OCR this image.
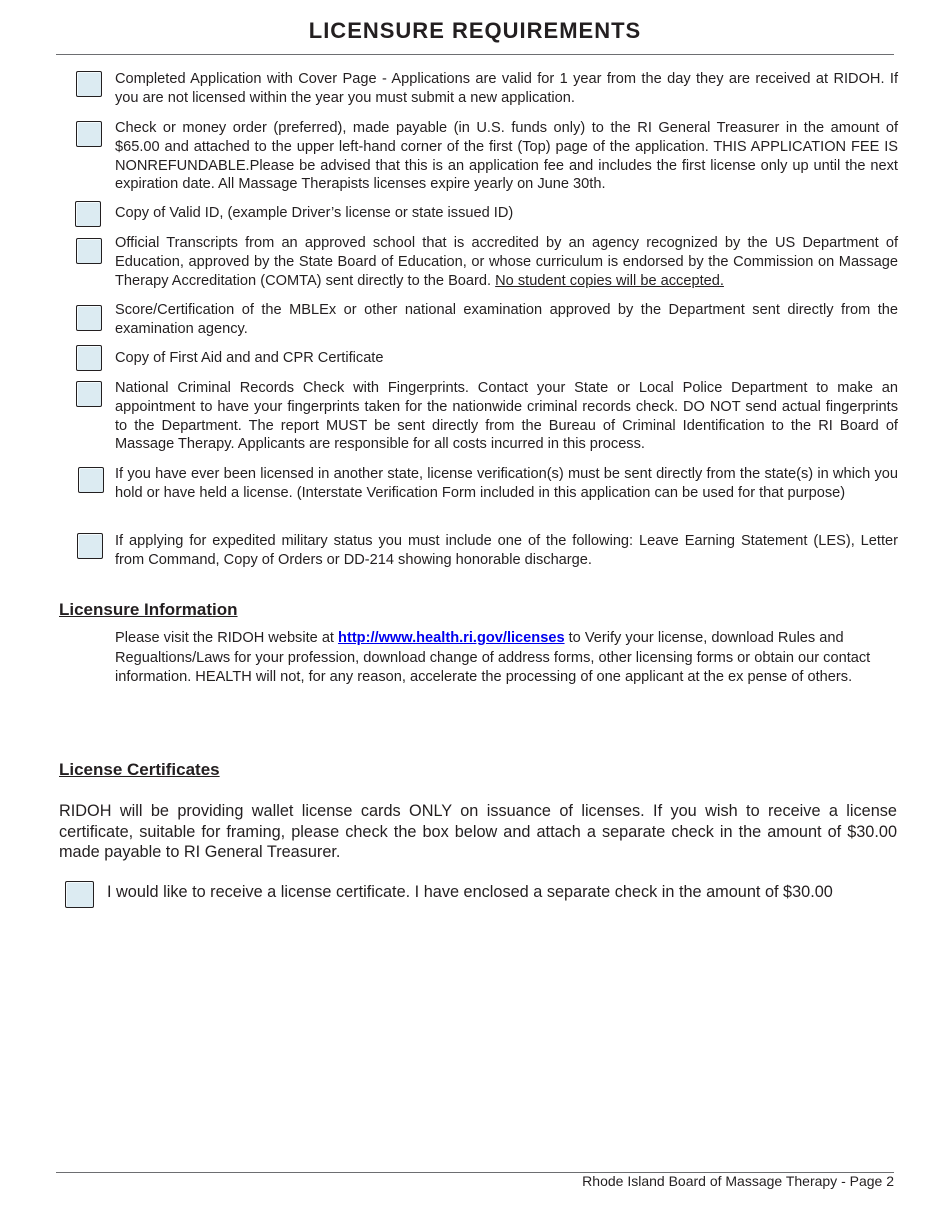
LICENSURE REQUIREMENTS
Completed Application with Cover Page - Applications are valid for 1 year from the day they are received at RIDOH. If you are not licensed within the year you must submit a new application.
Check or money order (preferred), made payable (in U.S. funds only) to the RI General Treasurer in the amount of $65.00 and attached to the upper left-hand corner of the first (Top) page of the application. THIS APPLICATION FEE IS NONREFUNDABLE.Please be advised that this is an application fee and includes the first license only up until the next expiration date. All Massage Therapists licenses expire yearly on June 30th.
Copy of Valid ID, (example Driver’s license or state issued ID)
Official Transcripts from an approved school that is accredited by an agency recognized by the US Department of Education, approved by the State Board of Education, or whose curriculum is endorsed by the Commission on Massage Therapy Accreditation (COMTA) sent directly to the Board. No student copies will be accepted.
Score/Certification of the MBLEx or other national examination approved by the Department sent directly from the examination agency.
Copy of First Aid and and CPR Certificate
National Criminal Records Check with Fingerprints. Contact your State or Local Police Department to make an appointment to have your fingerprints taken for the nationwide criminal records check. DO NOT send actual fingerprints to the Department. The report MUST be sent directly from the Bureau of Criminal Identification to the RI Board of Massage Therapy. Applicants are responsible for all costs incurred in this process.
If you have ever been licensed in another state, license verification(s) must be sent directly from the state(s) in which you hold or have held a license. (Interstate Verification Form included in this application can be used for that purpose)
If applying for expedited military status you must include one of the following: Leave Earning Statement (LES), Letter from Command, Copy of Orders or DD-214 showing honorable discharge.
Licensure Information
Please visit the RIDOH website at http://www.health.ri.gov/licenses to Verify your license, download Rules and Regualtions/Laws for your profession, download change of address forms, other licensing forms or obtain our contact information. HEALTH will not, for any reason, accelerate the processing of one applicant at the ex pense of others.
License Certificates
RIDOH will be providing wallet license cards ONLY on issuance of licenses. If you wish to receive a license certificate, suitable for framing, please check the box below and attach a separate check in the amount of $30.00 made payable to RI General Treasurer.
I would like to receive a license certificate. I have enclosed a separate check in the amount of $30.00
Rhode Island Board of Massage Therapy - Page 2
